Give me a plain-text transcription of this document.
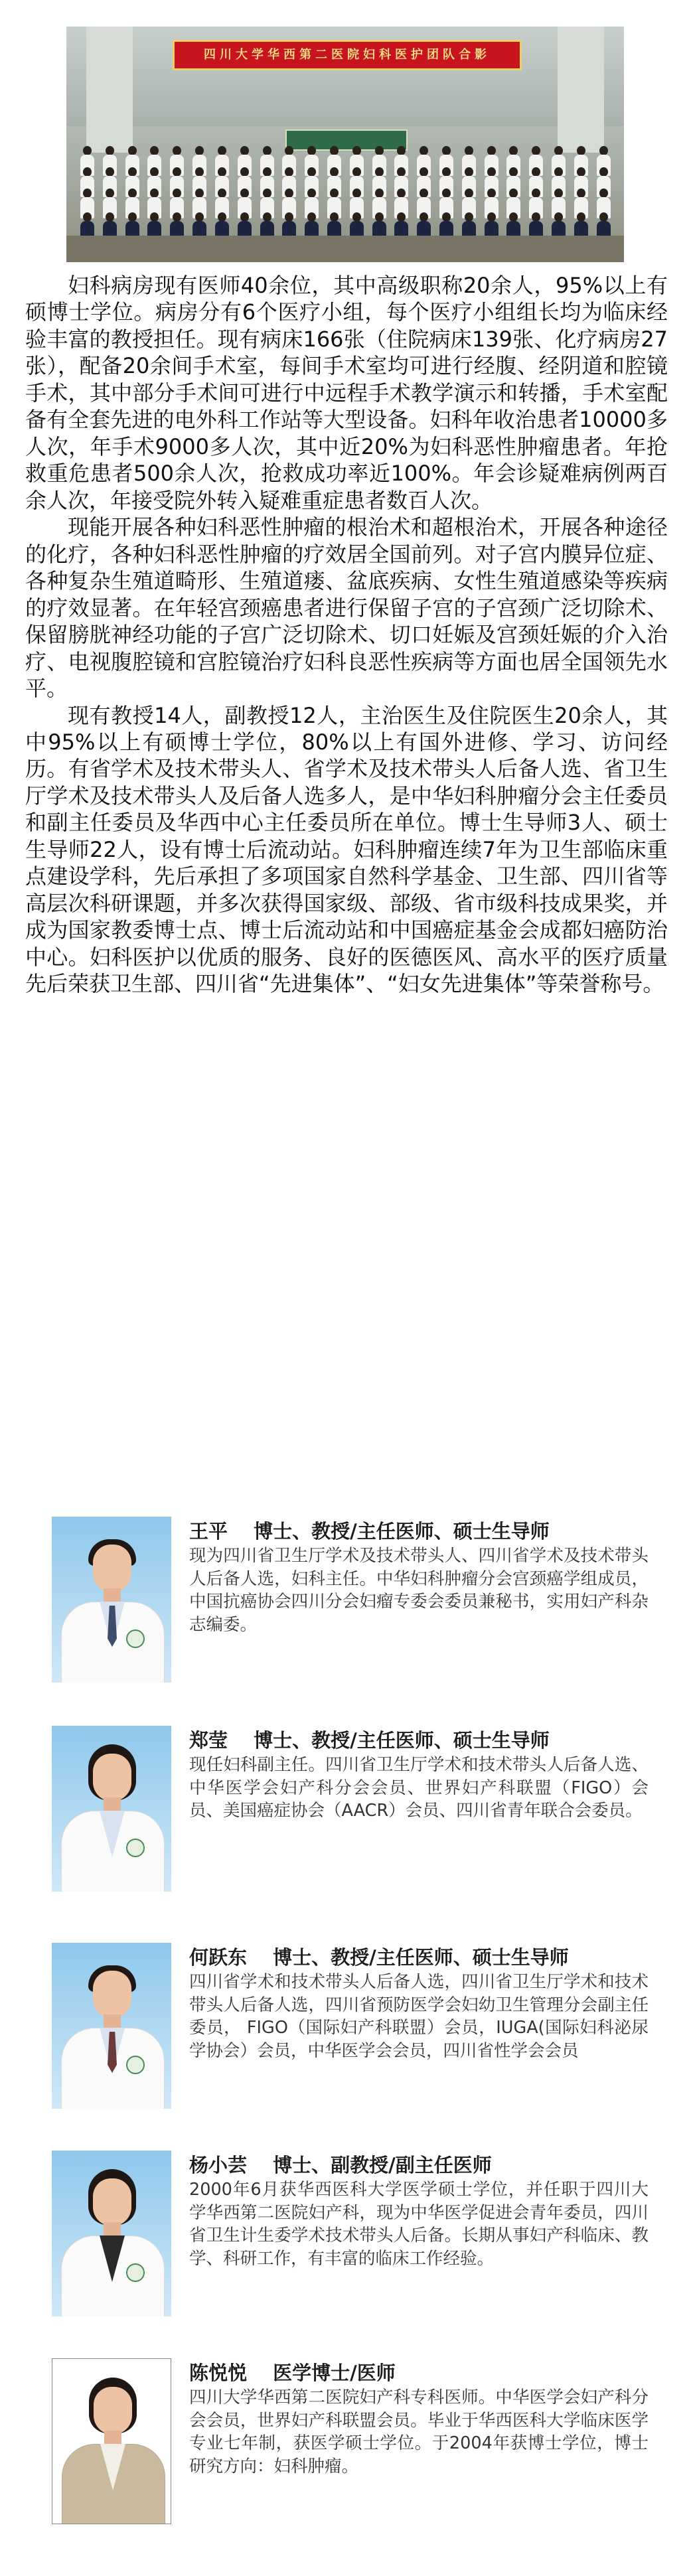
四川大学华西第二医院妇科医护团队合影

妇科病房现有医师40余位，其中高级职称20余人，95%以上有硕博士学位。病房分有6个医疗小组，每个医疗小组组长均为临床经验丰富的教授担任。现有病床166张（住院病床139张、化疗病房27张），配备20余间手术室，每间手术室均可进行经腹、经阴道和腔镜手术，其中部分手术间可进行中远程手术教学演示和转播，手术室配备有全套先进的电外科工作站等大型设备。妇科年收治患者10000多人次，年手术9000多人次，其中近20%为妇科恶性肿瘤患者。年抢救重危患者500余人次，抢救成功率近100%。年会诊疑难病例两百余人次，年接受院外转入疑难重症患者数百人次。

现能开展各种妇科恶性肿瘤的根治术和超根治术，开展各种途径的化疗，各种妇科恶性肿瘤的疗效居全国前列。对子宫内膜异位症、各种复杂生殖道畸形、生殖道瘘、盆底疾病、女性生殖道感染等疾病的疗效显著。在年轻宫颈癌患者进行保留子宫的子宫颈广泛切除术、保留膀胱神经功能的子宫广泛切除术、切口妊娠及宫颈妊娠的介入治疗、电视腹腔镜和宫腔镜治疗妇科良恶性疾病等方面也居全国领先水平。

现有教授14人，副教授12人，主治医生及住院医生20余人，其中95%以上有硕博士学位，80%以上有国外进修、学习、访问经历。有省学术及技术带头人、省学术及技术带头人后备人选、省卫生厅学术及技术带头人及后备人选多人，是中华妇科肿瘤分会主任委员和副主任委员及华西中心主任委员所在单位。博士生导师3人、硕士生导师22人，设有博士后流动站。妇科肿瘤连续7年为卫生部临床重点建设学科，先后承担了多项国家自然科学基金、卫生部、四川省等高层次科研课题，并多次获得国家级、部级、省市级科技成果奖，并成为国家教委博士点、博士后流动站和中国癌症基金会成都妇癌防治中心。妇科医护以优质的服务、良好的医德医风、高水平的医疗质量先后荣获卫生部、四川省“先进集体”、“妇女先进集体”等荣誉称号。

王平　 博士、教授/主任医师、硕士生导师

现为四川省卫生厅学术及技术带头人、四川省学术及技术带头人后备人选，妇科主任。中华妇科肿瘤分会宫颈癌学组成员，中国抗癌协会四川分会妇瘤专委会委员兼秘书，实用妇产科杂志编委。

郑莹　 博士、教授/主任医师、硕士生导师

现任妇科副主任。四川省卫生厅学术和技术带头人后备人选、中华医学会妇产科分会会员、世界妇产科联盟（FIGO）会员、美国癌症协会（AACR）会员、四川省青年联合会委员。

何跃东　 博士、教授/主任医师、硕士生导师

四川省学术和技术带头人后备人选，四川省卫生厅学术和技术带头人后备人选，四川省预防医学会妇幼卫生管理分会副主任委员， FIGO（国际妇产科联盟）会员，IUGA(国际妇科泌尿学协会）会员，中华医学会会员，四川省性学会会员

杨小芸　 博士、副教授/副主任医师

2000年6月获华西医科大学医学硕士学位，并任职于四川大学华西第二医院妇产科，现为中华医学促进会青年委员，四川省卫生计生委学术技术带头人后备。长期从事妇产科临床、教学、科研工作，有丰富的临床工作经验。

陈悦悦　 医学博士/医师

四川大学华西第二医院妇产科专科医师。中华医学会妇产科分会会员，世界妇产科联盟会员。毕业于华西医科大学临床医学专业七年制，获医学硕士学位。于2004年获博士学位，博士研究方向：妇科肿瘤。
